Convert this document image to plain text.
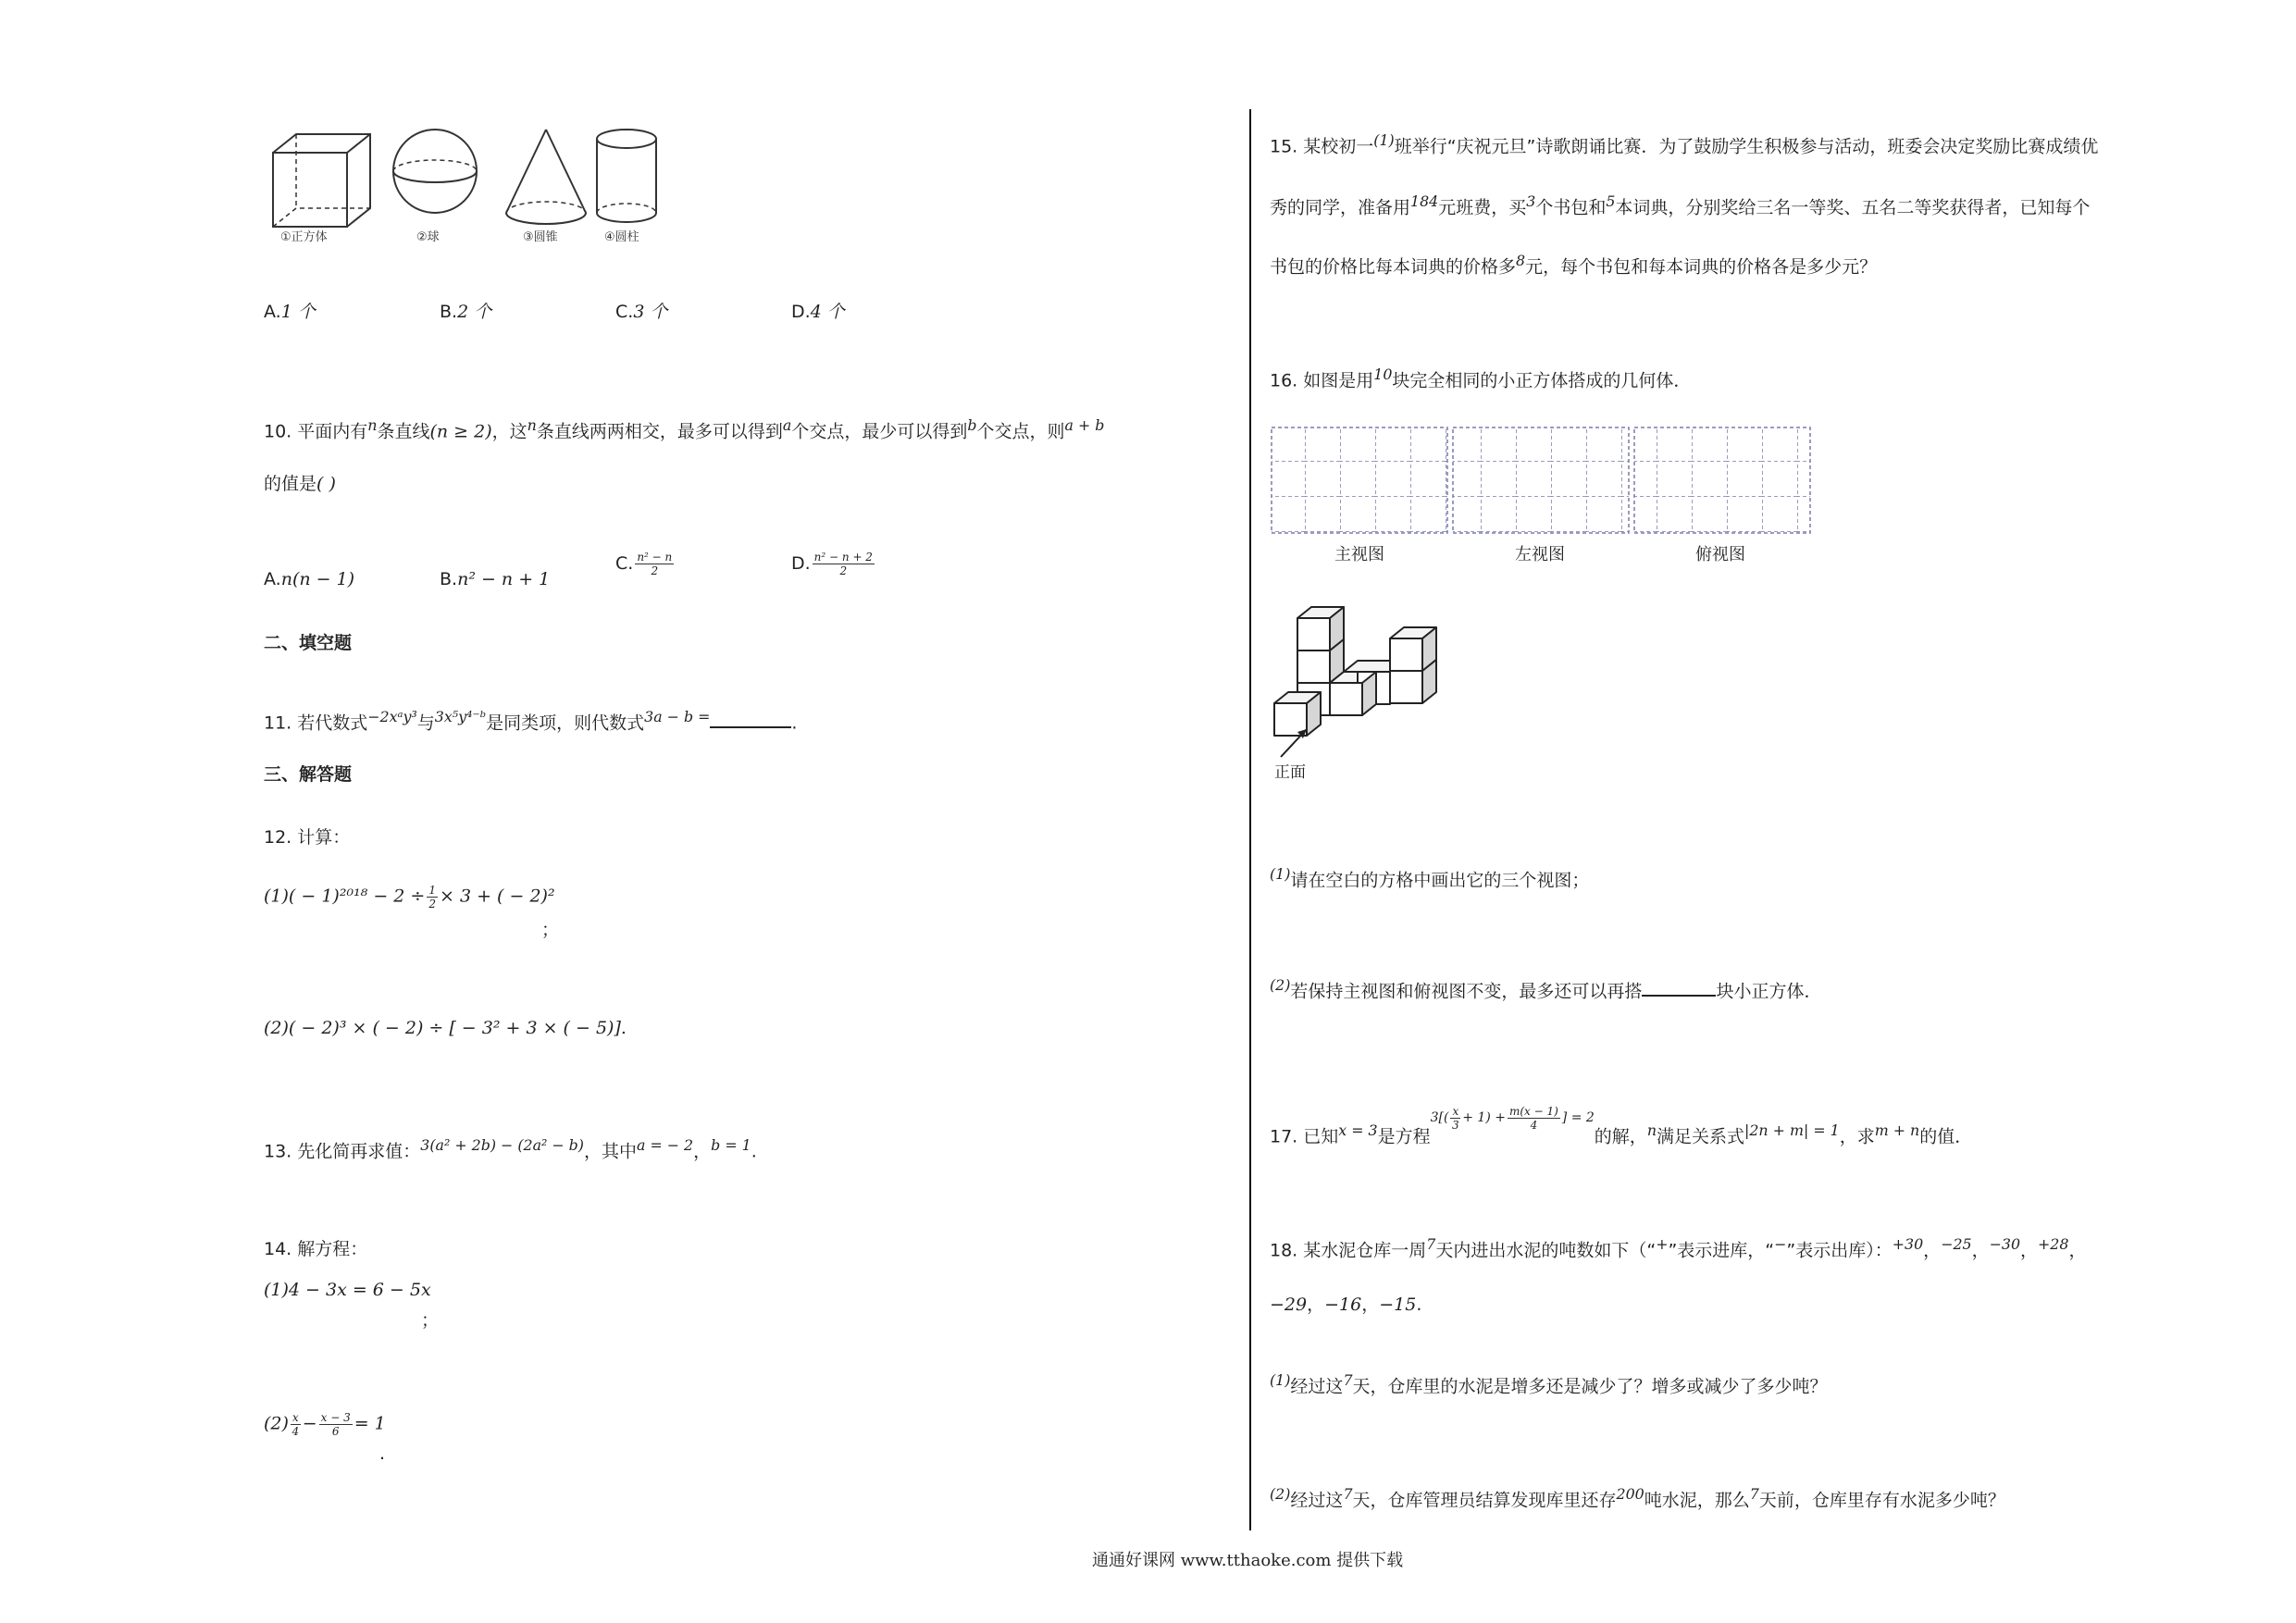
①正方体	②球	③圆锥	④圆柱
A.1 个	B.2 个	C.3 个	D.4 个
10. 平面内有$^n$条直线(n ≥ 2)，这$^n$条直线两两相交，最多可以得到$^a$个交点，最少可以得到$^b$个交点，则$^{a + b}$
的值是( )
A.n(n − 1)	B.n² − n + 1
C. $\frac{\text{n² − n}}{2}$	D. $\frac{\text{n² − n + 2}}{2}$
二、填空题
11. 若代数式$^{-2xᵃy^3}$与$^{3x^5y^{4-}ᵇ}$是同类项，则代数式$^{3a - b =}$	.
三、解答题
12. 计算：
$(1)( - 1)^{2018} - 2 \div \frac{1}{2} \times 3$ + ( − 2)²
；
(2)( − 2)³ × ( − 2) ÷ [ − 3² + 3 × ( − 5)].
13. 先化简再求值：$^{3(a^2 + 2b) - (2a^2 - b)}$，其中$^{a = - 2}$，$^{b = 1}$.
14. 解方程：
(1)4 − 3x = 6 − 5x
；
$(2) \frac{x}{4} - \frac{x - 3}{6} = 1$
.
15. 某校初一$^{(1)}$班举行“庆祝元旦”诗歌朗诵比赛．为了鼓励学生积极参与活动，班委会决定奖励比赛成绩优
秀的同学，准备用$^{184}$元班费，买$^3$个书包和$^5$本词典，分别奖给三名一等奖、五名二等奖获得者，已知每个
书包的价格比每本词典的价格多$^8$元，每个书包和每本词典的价格各是多少元？
16. 如图是用$^{10}$块完全相同的小正方体搭成的几何体．
主视图	左视图	俯视图
正面
$^{(1)}$请在空白的方格中画出它的三个视图；
$^{(2)}$若保持主视图和俯视图不变，最多还可以再搭	块小正方体．
17. 已知$^{x = 3}$是方程$^{3[( \frac{x}{3} + 1) + \frac{m(x - 1)}{4} ] = 2}$的解，$^n$满足关系式$^{|2n + m| = 1}$，求$^{m + n}$的值．
18. 某水泥仓库一周$^7$天内进出水泥的吨数如下（“+”表示进库，“−”表示出库）：$^{+30}$，$^{-25}$，$^{-30}$，$^{+28}$，
−29，−16，−15.
$^{(1)}$经过这$^7$天，仓库里的水泥是增多还是减少了？增多或减少了多少吨？
$^{(2)}$经过这$^7$天，仓库管理员结算发现库里还存$^{200}$吨水泥，那么$^7$天前，仓库里存有水泥多少吨？
通通好课网 www.tthaoke.com 提供下载
